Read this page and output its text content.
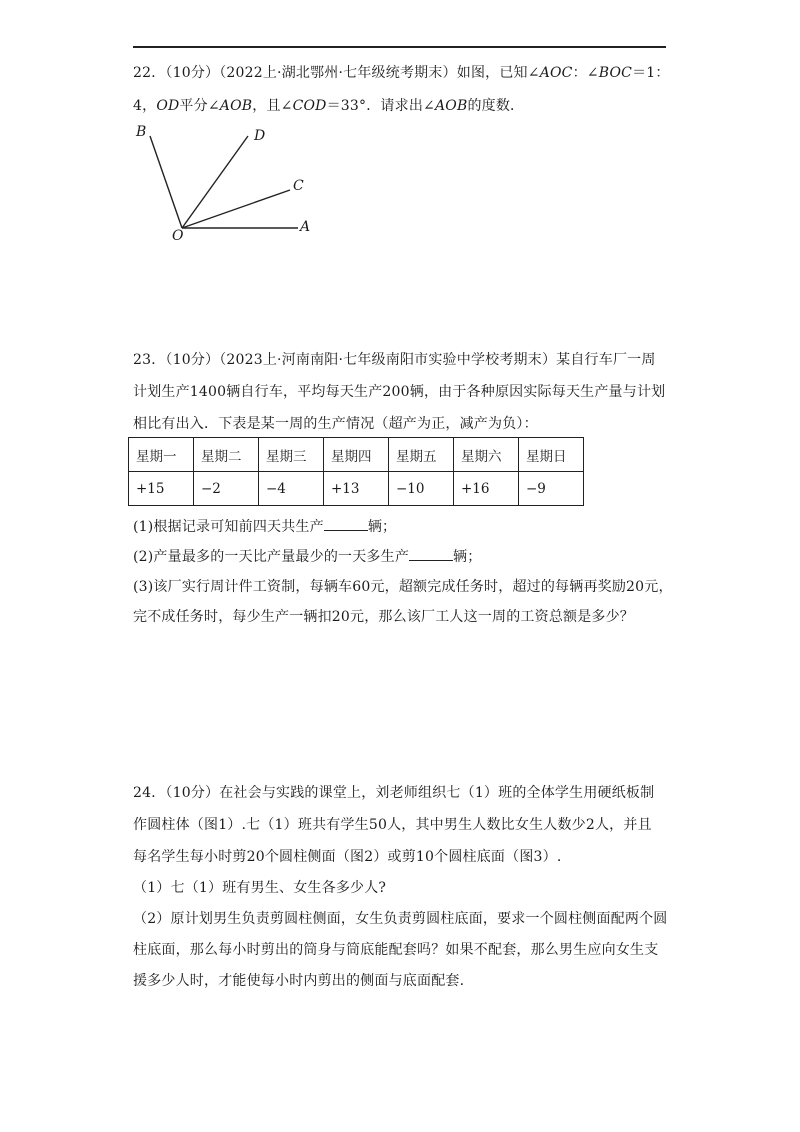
22．（10分）（2022上·湖北鄂州·七年级统考期末）如图，已知∠AOC：∠BOC＝1：
4，OD平分∠AOB，且∠COD＝33°．请求出∠AOB的度数．
B	D
C
O
A
23．（10分）（2023上·河南南阳·七年级南阳市实验中学校考期末）某自行车厂一周
计划生产1400辆自行车，平均每天生产200辆，由于各种原因实际每天生产量与计划
相比有出入．下表是某一周的生产情况（超产为正，减产为负）：
星期一	星期二	星期三	星期四	星期五	星期六	星期日
+15	−2	−4	+13	−10	+16	−9
(1)根据记录可知前四天共生产	辆；
(2)产量最多的一天比产量最少的一天多生产	辆；
(3)该厂实行周计件工资制，每辆车60元，超额完成任务时，超过的每辆再奖励20元，
完不成任务时，每少生产一辆扣20元，那么该厂工人这一周的工资总额是多少？
24．（10分）在社会与实践的课堂上，刘老师组织七（1）班的全体学生用硬纸板制
作圆柱体（图1）.七（1）班共有学生50人，其中男生人数比女生人数少2人，并且
每名学生每小时剪20个圆柱侧面（图2）或剪10个圆柱底面（图3）.
（1）七（1）班有男生、女生各多少人?
（2）原计划男生负责剪圆柱侧面，女生负责剪圆柱底面，要求一个圆柱侧面配两个圆
柱底面，那么每小时剪出的筒身与筒底能配套吗？如果不配套，那么男生应向女生支
援多少人时，才能使每小时内剪出的侧面与底面配套.
